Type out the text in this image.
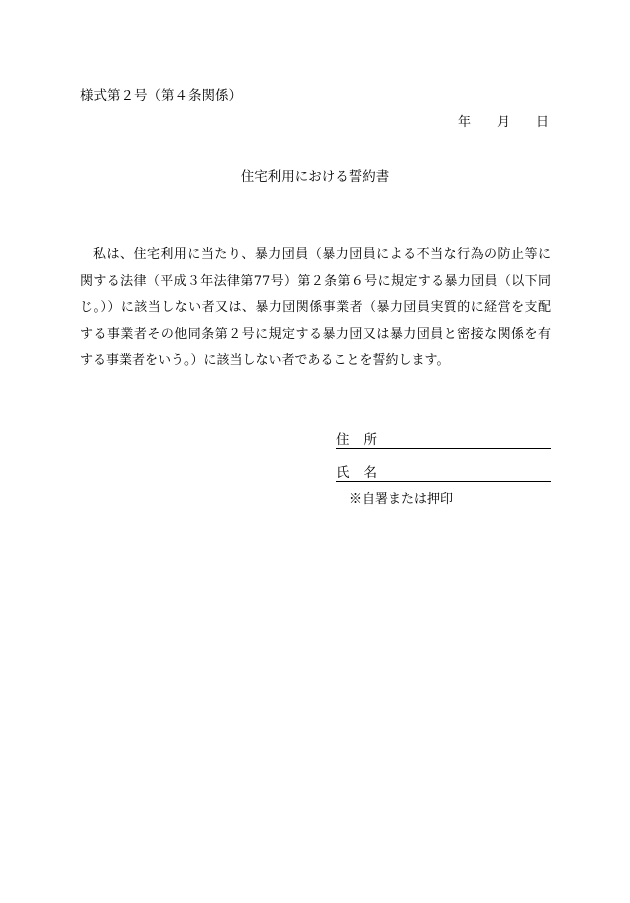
様式第２号（第４条関係）
年 月 日
住宅利用における誓約書
私は、住宅利用に当たり、暴力団員（暴力団員による不当な行為の防止等に
関する法律（平成３年法律第77号）第２条第６号に規定する暴力団員（以下同
じ。））に該当しない者又は、暴力団関係事業者（暴力団員実質的に経営を支配
する事業者その他同条第２号に規定する暴力団又は暴力団員と密接な関係を有
する事業者をいう。）に該当しない者であることを誓約します。
住所
氏名
※自署または押印
